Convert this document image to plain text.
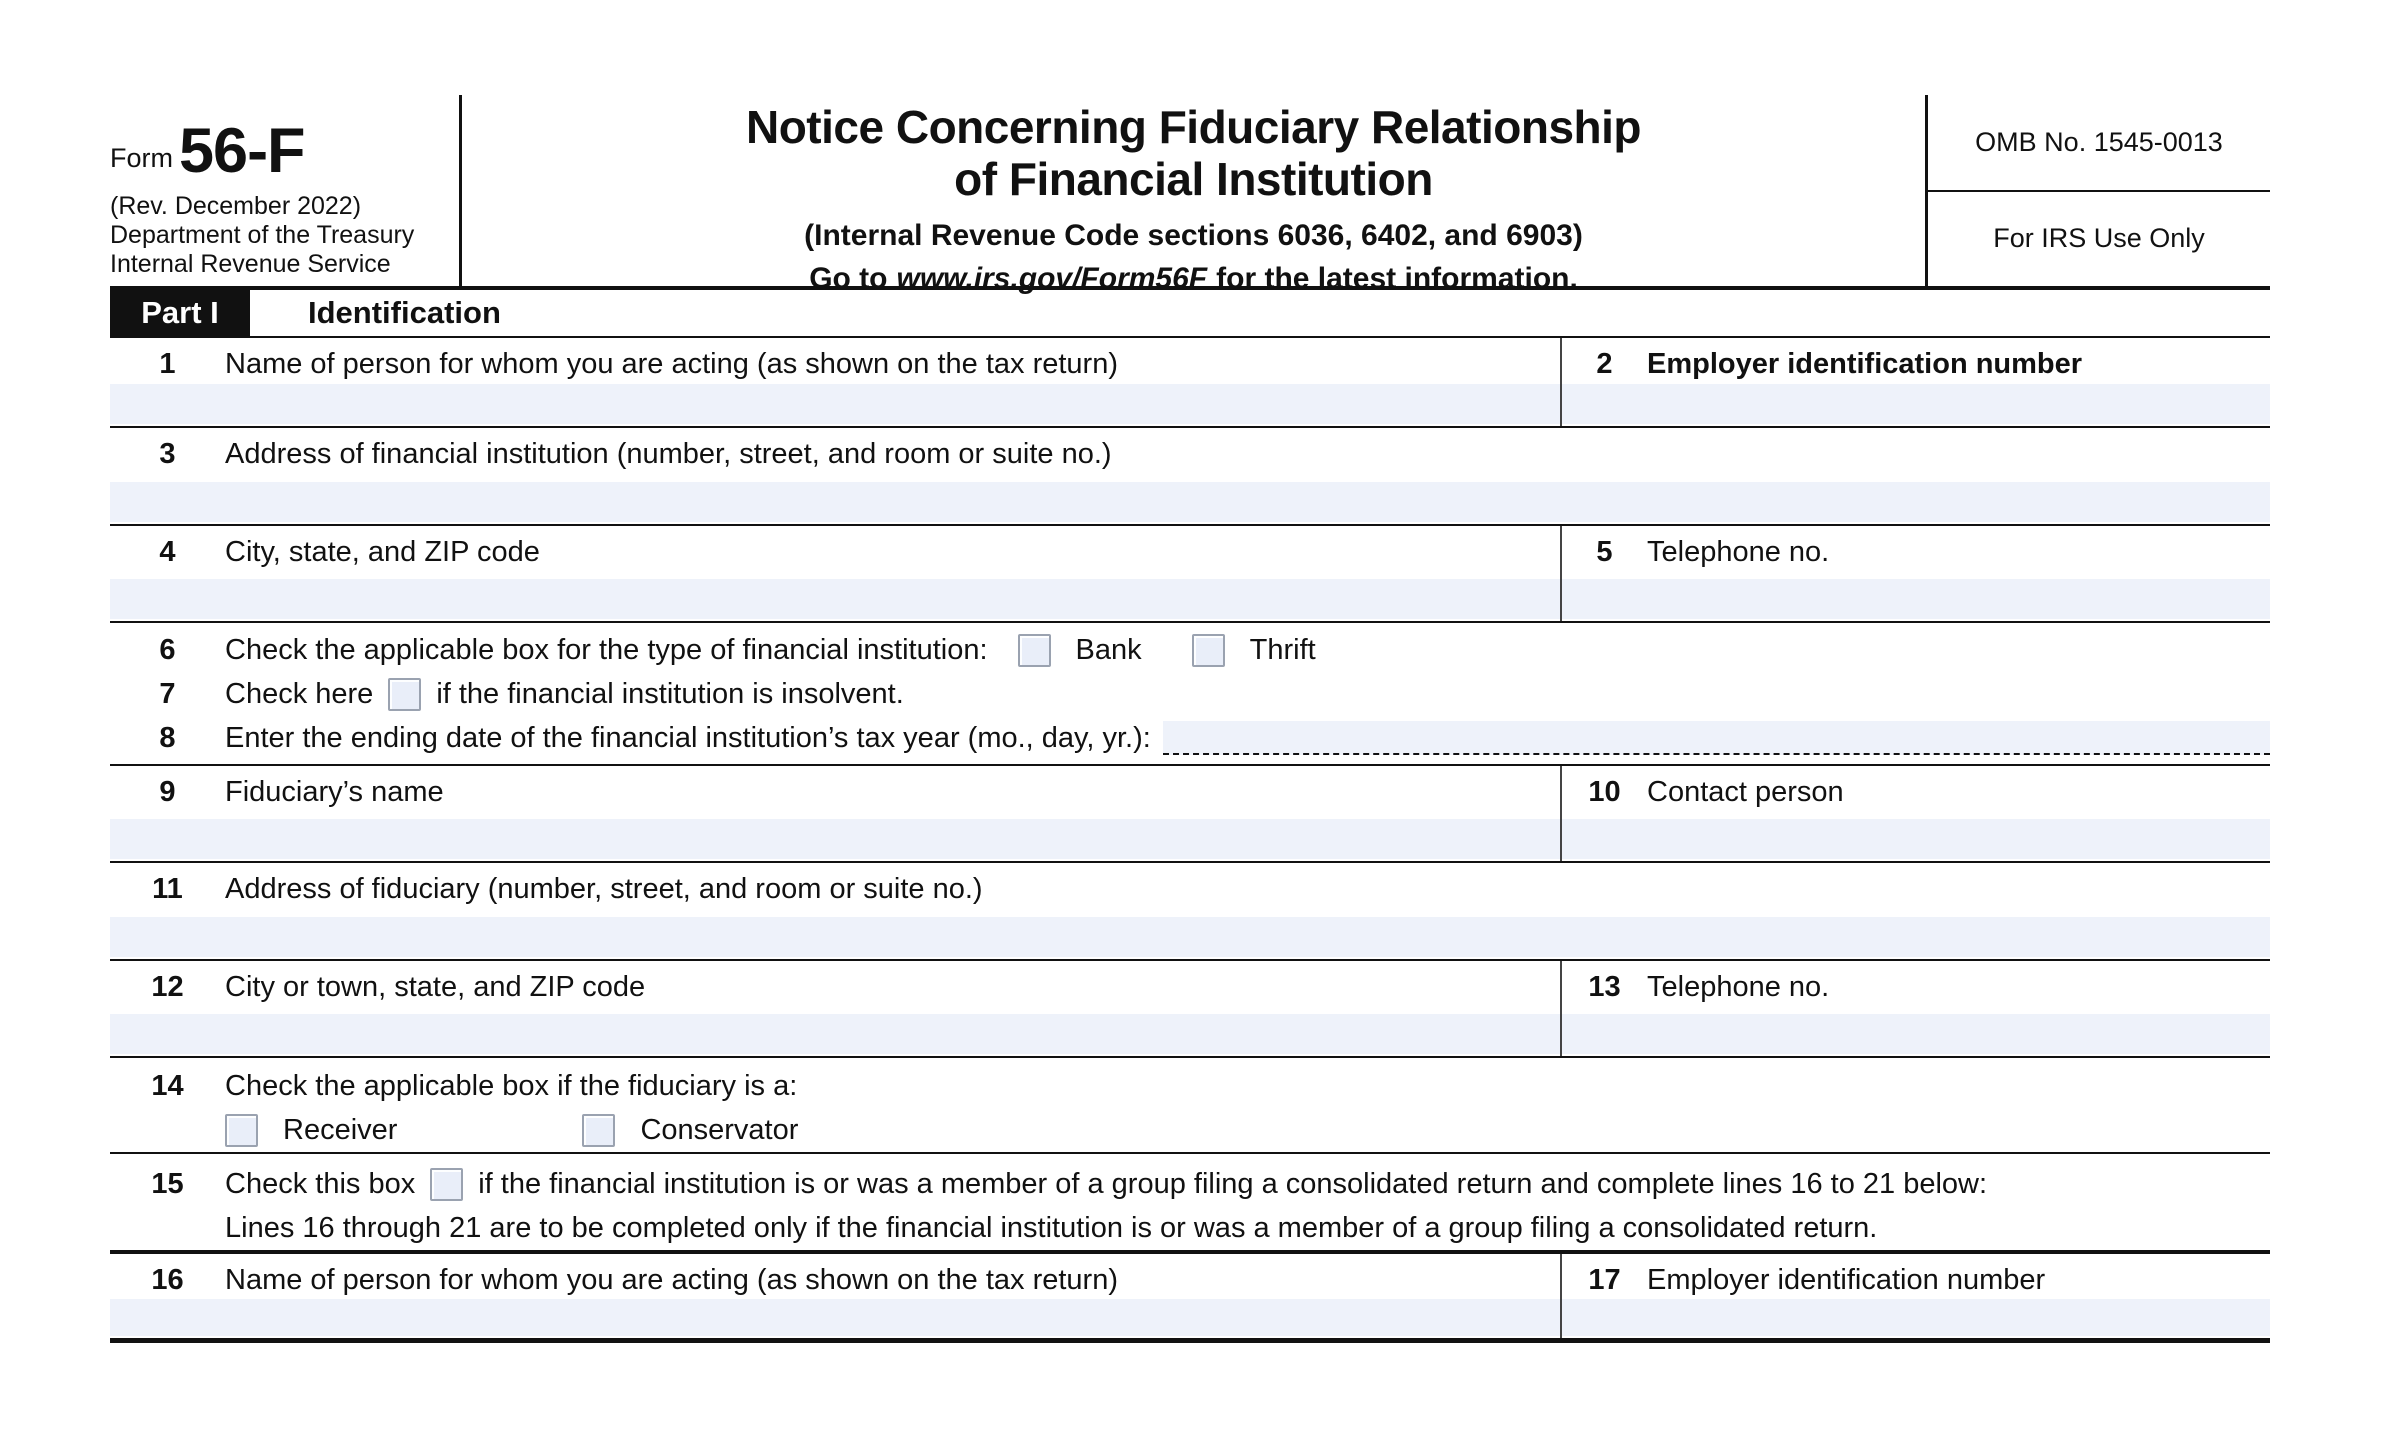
Form 56-F
(Rev. December 2022)
Department of the Treasury
Internal Revenue Service
Notice Concerning Fiduciary Relationship
of Financial Institution
(Internal Revenue Code sections 6036, 6402, and 6903)
Go to www.irs.gov/Form56F for the latest information.
OMB No. 1545-0013
For IRS Use Only
Part I	Identification
1	Name of person for whom you are acting (as shown on the tax return)	2	Employer identification number
3	Address of financial institution (number, street, and room or suite no.)
4	City, state, and ZIP code	5	Telephone no.
6	Check the applicable box for the type of financial institution:	Bank	Thrift
7	Check here if the financial institution is insolvent.
8	Enter the ending date of the financial institution’s tax year (mo., day, yr.):
9	Fiduciary’s name	10 Contact person
11	Address of fiduciary (number, street, and room or suite no.)
12	City or town, state, and ZIP code	13 Telephone no.
14	Check the applicable box if the fiduciary is a:
Receiver	Conservator
15	Check this box if the financial institution is or was a member of a group filing a consolidated return and complete lines 16 to 21 below:
Lines 16 through 21 are to be completed only if the financial institution is or was a member of a group filing a consolidated return.
16	Name of person for whom you are acting (as shown on the tax return)	17 Employer identification number
